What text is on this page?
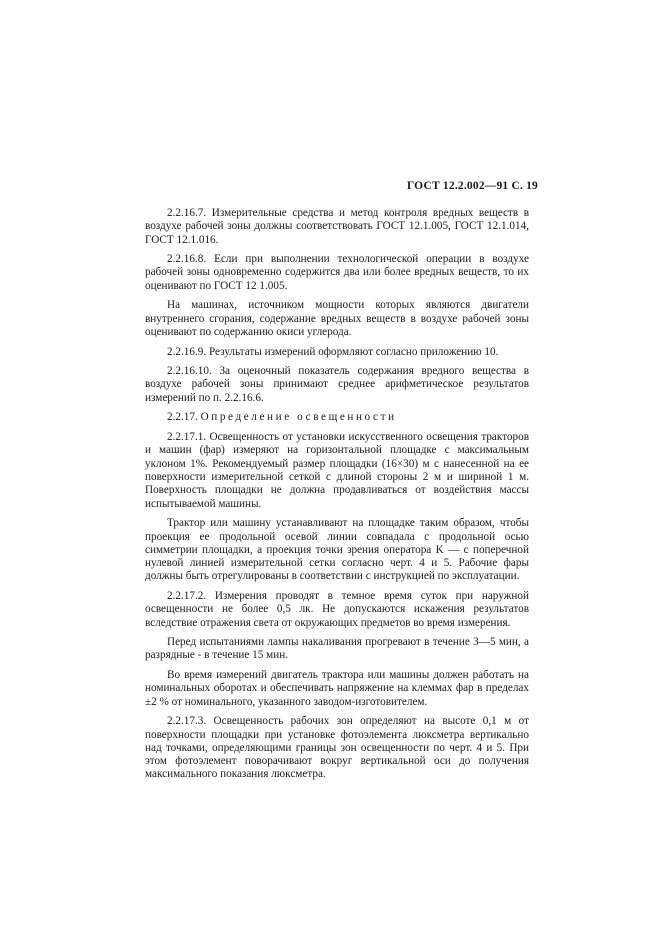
ГОСТ 12.2.002—91 С. 19

2.2.16.7. Измерительные средства и метод контроля вредных веществ в воздухе рабочей зоны должны соответствовать ГОСТ 12.1.005, ГОСТ 12.1.014, ГОСТ 12.1.016.

2.2.16.8. Если при выполнении технологической операции в воздухе рабочей зоны одновременно содержится два или более вредных веществ, то их оценивают по ГОСТ 12 1.005.

На машинах, источником мощности которых являются двигатели внутреннего сгорания, содержание вредных веществ в воздухе рабочей зоны оценивают по содержанию окиси углерода.

2.2.16.9. Результаты измерений оформляют согласно приложению 10.

2.2.16.10. За оценочный показатель содержания вредного вещества в воздухе рабочей зоны принимают среднее арифметическое результатов измерений по п. 2.2.16.6.

2.2.17. Определение освещенности

2.2.17.1. Освещенность от установки искусственного освещения тракторов и машин (фар) измеряют на горизонтальной площадке с максимальным уклоном 1%. Рекомендуемый размер площадки (16×30) м с нанесенной на ее поверхности измерительной сеткой с длиной стороны 2 м и шириной 1 м. Поверхность площадки не должна продавливаться от воздействия массы испытываемой машины.

Трактор или машину устанавливают на площадке таким образом, чтобы проекция ее продольной осевой линии совпадала с продольной осью симметрии площадки, а проекция точки зрения оператора K — с поперечной нулевой линией измерительной сетки согласно черт. 4 и 5. Рабочие фары должны быть отрегулированы в соответствии с инструкцией по эксплуатации.

2.2.17.2. Измерения проводят в темное время суток при наружной освещенности не более 0,5 лк. Не допускаются искажения результатов вследствие отражения света от окружающих предметов во время измерения.

Перед испытаниями лампы накаливания прогревают в течение 3—5 мин, а разрядные - в течение 15 мин.

Во время измерений двигатель трактора или машины должен работать на номинальных оборотах и обеспечивать напряжение на клеммах фар в пределах ±2 % от номинального, указанного заводом-изготовителем.

2.2.17.3. Освещенность рабочих зон определяют на высоте 0,1 м от поверхности площадки при установке фотоэлемента люксметра вертикально над точками, определяющими границы зон освещенности по черт. 4 и 5. При этом фотоэлемент поворачивают вокруг вертикальной оси до получения максимального показания люксметра.
